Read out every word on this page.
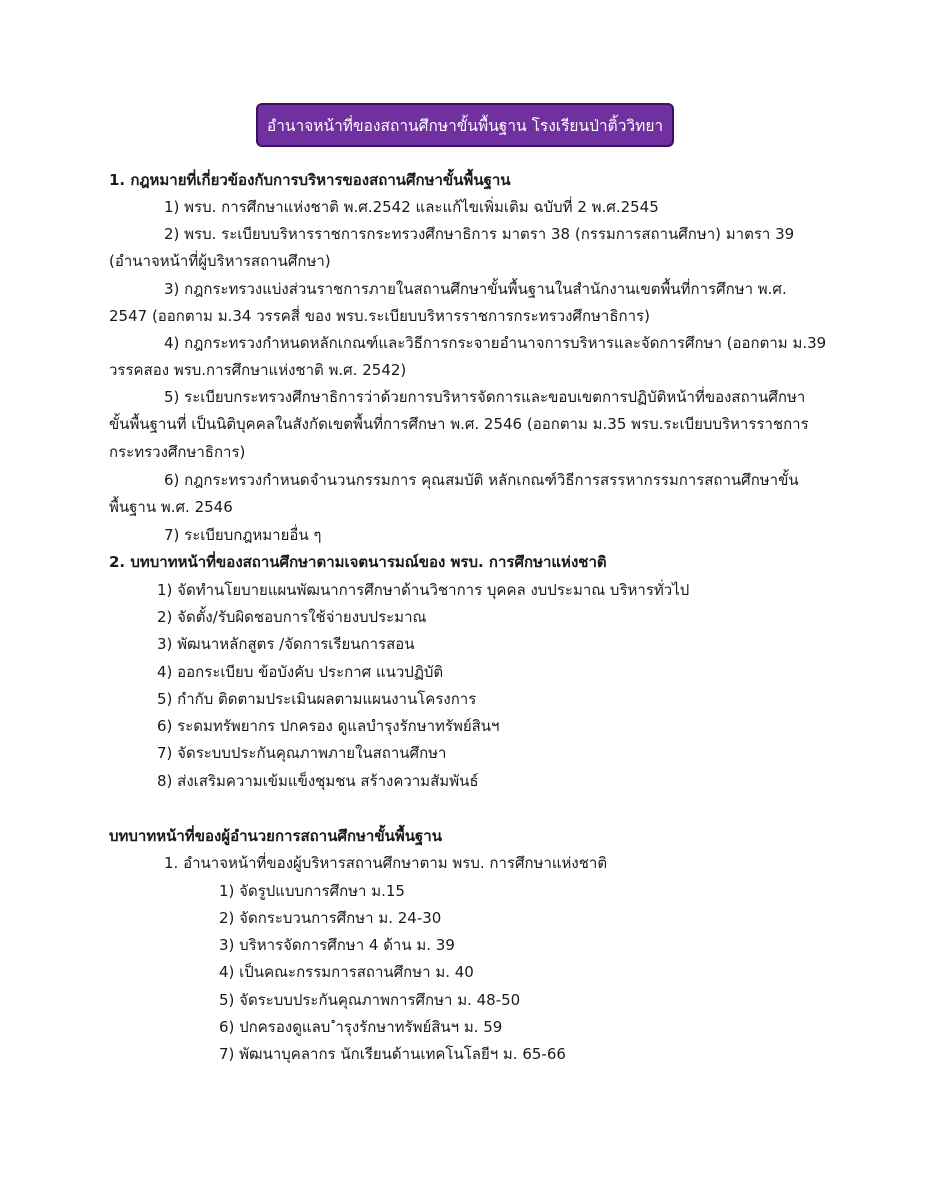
อำนาจหน้าที่ของสถานศึกษาขั้นพื้นฐาน โรงเรียนป่าติ้ววิทยา
1. กฎหมายที่เกี่ยวข้องกับการบริหารของสถานศึกษาขั้นพื้นฐาน
1) พรบ. การศึกษาแห่งชาติ พ.ศ.2542 และแก้ไขเพิ่มเติม ฉบับที่ 2 พ.ศ.2545
2) พรบ. ระเบียบบริหารราชการกระทรวงศึกษาธิการ มาตรา 38 (กรรมการสถานศึกษา) มาตรา 39
(อำนาจหน้าที่ผู้บริหารสถานศึกษา)
3) กฎกระทรวงแบ่งส่วนราชการภายในสถานศึกษาขั้นพื้นฐานในสำนักงานเขตพื้นที่การศึกษา พ.ศ.
2547 (ออกตาม ม.34 วรรคสี่ ของ พรบ.ระเบียบบริหารราชการกระทรวงศึกษาธิการ)
4) กฎกระทรวงกำหนดหลักเกณฑ์และวิธีการกระจายอำนาจการบริหารและจัดการศึกษา (ออกตาม ม.39
วรรคสอง พรบ.การศึกษาแห่งชาติ พ.ศ. 2542)
5) ระเบียบกระทรวงศึกษาธิการว่าด้วยการบริหารจัดการและขอบเขตการปฏิบัติหน้าที่ของสถานศึกษา
ขั้นพื้นฐานที่ เป็นนิติบุคคลในสังกัดเขตพื้นที่การศึกษา พ.ศ. 2546 (ออกตาม ม.35 พรบ.ระเบียบบริหารราชการ
กระทรวงศึกษาธิการ)
6) กฎกระทรวงกำหนดจำนวนกรรมการ คุณสมบัติ หลักเกณฑ์วิธีการสรรหากรรมการสถานศึกษาขั้น
พื้นฐาน พ.ศ. 2546
7) ระเบียบกฎหมายอื่น ๆ
2. บทบาทหน้าที่ของสถานศึกษาตามเจตนารมณ์ของ พรบ. การศึกษาแห่งชาติ
1) จัดทำนโยบายแผนพัฒนาการศึกษาด้านวิชาการ บุคคล งบประมาณ บริหารทั่วไป
2) จัดตั้ง/รับผิดชอบการใช้จ่ายงบประมาณ
3) พัฒนาหลักสูตร /จัดการเรียนการสอน
4) ออกระเบียบ ข้อบังคับ ประกาศ แนวปฏิบัติ
5) กำกับ ติดตามประเมินผลตามแผนงานโครงการ
6) ระดมทรัพยากร ปกครอง ดูแลบำรุงรักษาทรัพย์สินฯ
7) จัดระบบประกันคุณภาพภายในสถานศึกษา
8) ส่งเสริมความเข้มแข็งชุมชน สร้างความสัมพันธ์
บทบาทหน้าที่ของผู้อำนวยการสถานศึกษาขั้นพื้นฐาน
1. อำนาจหน้าที่ของผู้บริหารสถานศึกษาตาม พรบ. การศึกษาแห่งชาติ
1) จัดรูปแบบการศึกษา ม.15
2) จัดกระบวนการศึกษา ม. 24-30
3) บริหารจัดการศึกษา 4 ด้าน ม. 39
4) เป็นคณะกรรมการสถานศึกษา ม. 40
5) จัดระบบประกันคุณภาพการศึกษา ม. 48-50
6) ปกครองดูแลบ ำรุงรักษาทรัพย์สินฯ ม. 59
7) พัฒนาบุคลากร นักเรียนด้านเทคโนโลยีฯ ม. 65-66
